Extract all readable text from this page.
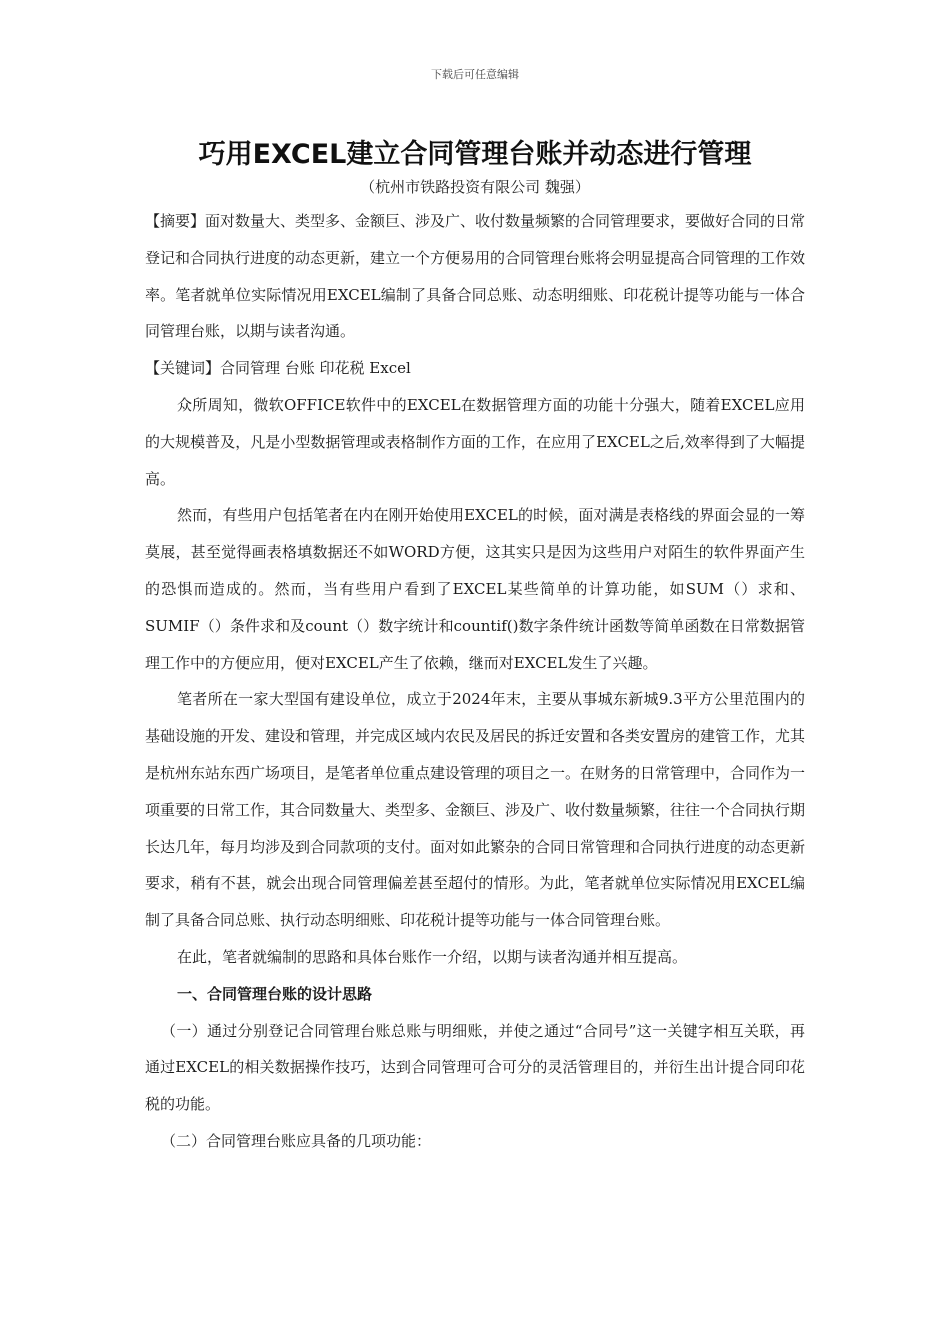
下载后可任意编辑
巧用EXCEL建立合同管理台账并动态进行管理
（杭州市铁路投资有限公司 魏强）

【摘要】面对数量大、类型多、金额巨、涉及广、收付数量频繁的合同管理要求，要做好合同的日常登记和合同执行进度的动态更新，建立一个方便易用的合同管理台账将会明显提高合同管理的工作效率。笔者就单位实际情况用EXCEL编制了具备合同总账、动态明细账、印花税计提等功能与一体合同管理台账，以期与读者沟通。

【关键词】合同管理 台账 印花税 Excel

众所周知，微软OFFICE软件中的EXCEL在数据管理方面的功能十分强大，随着EXCEL应用的大规模普及，凡是小型数据管理或表格制作方面的工作，在应用了EXCEL之后,效率得到了大幅提高。

然而，有些用户包括笔者在内在刚开始使用EXCEL的时候，面对满是表格线的界面会显的一筹莫展，甚至觉得画表格填数据还不如WORD方便，这其实只是因为这些用户对陌生的软件界面产生的恐惧而造成的。然而，当有些用户看到了EXCEL某些简单的计算功能，如SUM（）求和、SUMIF（）条件求和及count（）数字统计和countif()数字条件统计函数等简单函数在日常数据管理工作中的方便应用，便对EXCEL产生了依赖，继而对EXCEL发生了兴趣。

笔者所在一家大型国有建设单位，成立于2024年末，主要从事城东新城9.3平方公里范围内的基础设施的开发、建设和管理，并完成区域内农民及居民的拆迁安置和各类安置房的建管工作，尤其是杭州东站东西广场项目，是笔者单位重点建设管理的项目之一。在财务的日常管理中，合同作为一项重要的日常工作，其合同数量大、类型多、金额巨、涉及广、收付数量频繁，往往一个合同执行期长达几年，每月均涉及到合同款项的支付。面对如此繁杂的合同日常管理和合同执行进度的动态更新要求，稍有不甚，就会出现合同管理偏差甚至超付的情形。为此，笔者就单位实际情况用EXCEL编制了具备合同总账、执行动态明细账、印花税计提等功能与一体合同管理台账。

在此，笔者就编制的思路和具体台账作一介绍，以期与读者沟通并相互提高。

一、合同管理台账的设计思路

（一）通过分别登记合同管理台账总账与明细账，并使之通过“合同号”这一关键字相互关联，再通过EXCEL的相关数据操作技巧，达到合同管理可合可分的灵活管理目的，并衍生出计提合同印花税的功能。

（二）合同管理台账应具备的几项功能：
